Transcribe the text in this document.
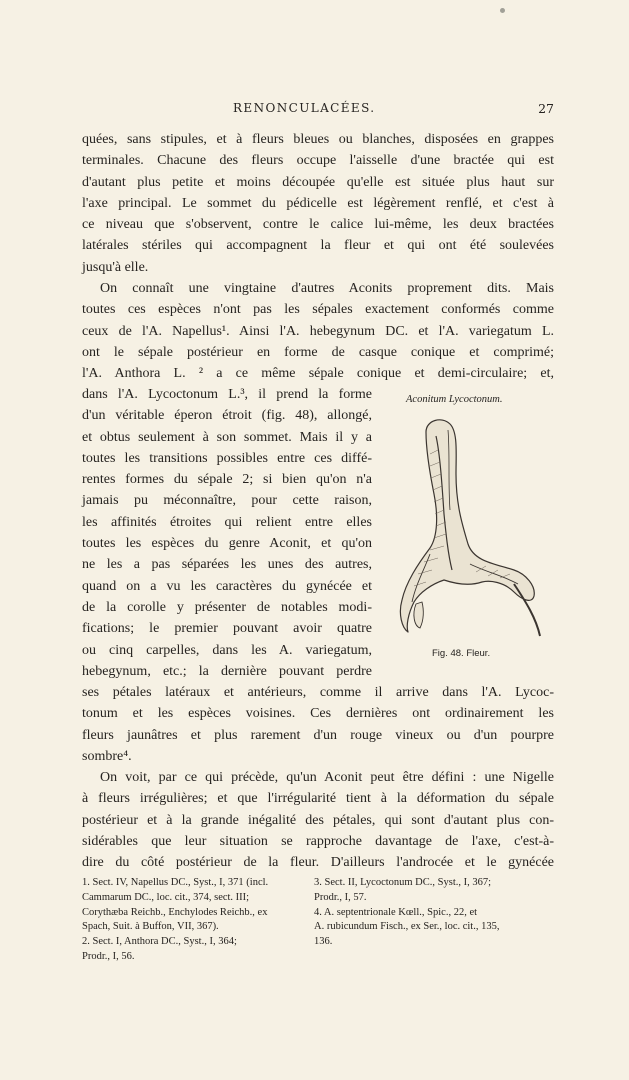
RENONCULACÉES.	27
quées, sans stipules, et à fleurs bleues ou blanches, disposées en grappes
terminales. Chacune des fleurs occupe l'aisselle d'une bractée qui est
d'autant plus petite et moins découpée qu'elle est située plus haut sur
l'axe principal. Le sommet du pédicelle est légèrement renflé, et c'est à
ce niveau que s'observent, contre le calice lui-même, les deux bractées
latérales stériles qui accompagnent la fleur et qui ont été soulevées
jusqu'à elle.
On connaît une vingtaine d'autres Aconits proprement dits. Mais
toutes ces espèces n'ont pas les sépales exactement conformés comme
ceux de l'A. Napellus¹. Ainsi l'A. hebegynum DC. et l'A. variegatum L.
ont le sépale postérieur en forme de casque conique et comprimé;
l'A. Anthora L. ² a ce même sépale conique et demi-circulaire; et,
dans l'A. Lycoctonum L.³, il prend la forme
d'un véritable éperon étroit (fig. 48), allongé,
et obtus seulement à son sommet. Mais il y a
toutes les transitions possibles entre ces diffé-
rentes formes du sépale 2; si bien qu'on n'a
jamais pu méconnaître, pour cette raison,
les affinités étroites qui relient entre elles
toutes les espèces du genre Aconit, et qu'on
ne les a pas séparées les unes des autres,
quand on a vu les caractères du gynécée et
de la corolle y présenter de notables modi-
fications; le premier pouvant avoir quatre
ou cinq carpelles, dans les A. variegatum,
hebegynum, etc.; la dernière pouvant perdre
ses pétales latéraux et antérieurs, comme il arrive dans l'A. Lycoc-
tonum et les espèces voisines. Ces dernières ont ordinairement les
fleurs jaunâtres et plus rarement d'un rouge vineux ou d'un pourpre
sombre⁴.
On voit, par ce qui précède, qu'un Aconit peut être défini : une Nigelle
à fleurs irrégulières; et que l'irrégularité tient à la déformation du sépale
postérieur et à la grande inégalité des pétales, qui sont d'autant plus con-
sidérables que leur situation se rapproche davantage de l'axe, c'est-à-
dire du côté postérieur de la fleur. D'ailleurs l'androcée et le gynécée
Aconitum Lycoctonum.
Fig. 48. Fleur.
1. Sect. IV, Napellus DC., Syst., I, 371 (incl.
Cammarum DC., loc. cit., 374, sect. III;
Corythæba Reichb., Enchylodes Reichb., ex
Spach, Suit. à Buffon, VII, 367).
2. Sect. I, Anthora DC., Syst., I, 364;
Prodr., I, 56.
3. Sect. II, Lycoctonum DC., Syst., I, 367;
Prodr., I, 57.
4. A. septentrionale Kœll., Spic., 22, et
A. rubicundum Fisch., ex Ser., loc. cit., 135,
136.
